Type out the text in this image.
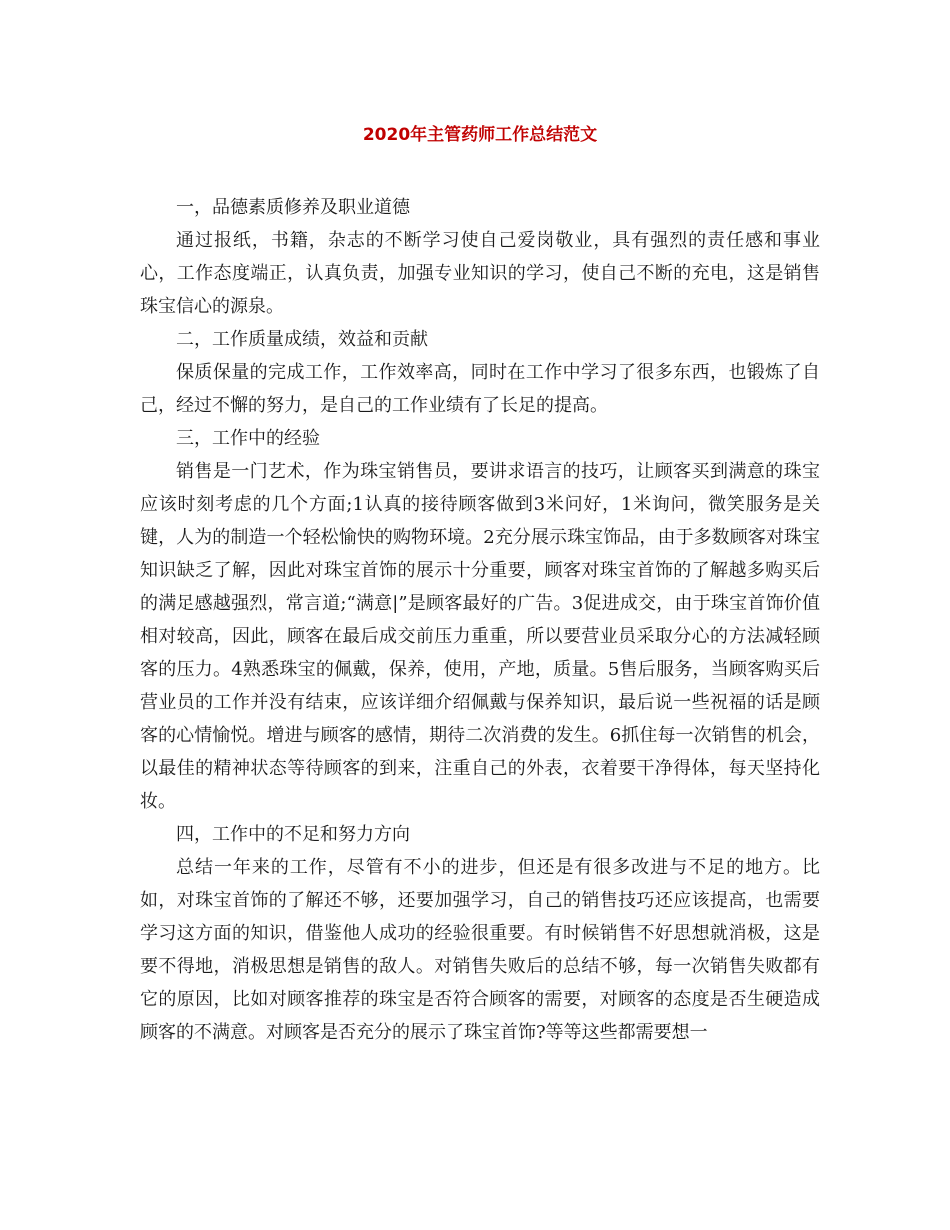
2020年主管药师工作总结范文

一，品德素质修养及职业道德

通过报纸，书籍，杂志的不断学习使自己爱岗敬业，具有强烈的责任感和事业心，工作态度端正，认真负责，加强专业知识的学习，使自己不断的充电，这是销售珠宝信心的源泉。

二，工作质量成绩，效益和贡献

保质保量的完成工作，工作效率高，同时在工作中学习了很多东西，也锻炼了自己，经过不懈的努力，是自己的工作业绩有了长足的提高。

三，工作中的经验

销售是一门艺术，作为珠宝销售员，要讲求语言的技巧，让顾客买到满意的珠宝应该时刻考虑的几个方面;1认真的接待顾客做到3米问好，1米询问，微笑服务是关键，人为的制造一个轻松愉快的购物环境。2充分展示珠宝饰品，由于多数顾客对珠宝知识缺乏了解，因此对珠宝首饰的展示十分重要，顾客对珠宝首饰的了解越多购买后的满足感越强烈，常言道;“满意|”是顾客最好的广告。3促进成交，由于珠宝首饰价值相对较高，因此，顾客在最后成交前压力重重，所以要营业员采取分心的方法减轻顾客的压力。4熟悉珠宝的佩戴，保养，使用，产地，质量。5售后服务，当顾客购买后营业员的工作并没有结束，应该详细介绍佩戴与保养知识，最后说一些祝福的话是顾客的心情愉悦。增进与顾客的感情，期待二次消费的发生。6抓住每一次销售的机会，以最佳的精神状态等待顾客的到来，注重自己的外表，衣着要干净得体，每天坚持化妆。

四，工作中的不足和努力方向

总结一年来的工作，尽管有不小的进步，但还是有很多改进与不足的地方。比如，对珠宝首饰的了解还不够，还要加强学习，自己的销售技巧还应该提高，也需要学习这方面的知识，借鉴他人成功的经验很重要。有时候销售不好思想就消极，这是要不得地，消极思想是销售的敌人。对销售失败后的总结不够，每一次销售失败都有它的原因，比如对顾客推荐的珠宝是否符合顾客的需要，对顾客的态度是否生硬造成顾客的不满意。对顾客是否充分的展示了珠宝首饰?等等这些都需要想一
